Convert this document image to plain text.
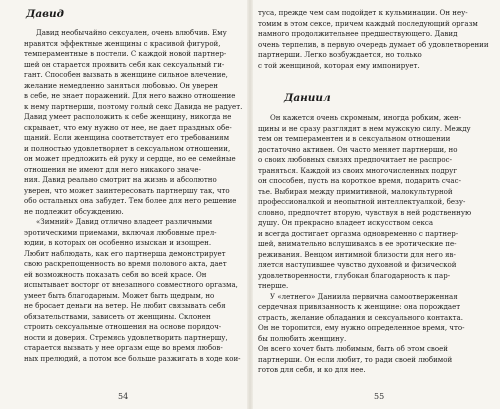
Давид

Давид необычайно сексуален, очень влюбчив. Ему
нравятся эффектные женщины с красивой фигурой,
темпераментные в постели. С каждой новой партнер-
шей он старается проявить себя как сексуальный ги-
гант. Способен вызвать в женщине сильное влечение,
желание немедленно заняться любовью. Он уверен
в себе, не знает поражений. Для него важно отношение
к нему партнерши, поэтому голый секс Давида не радует.
Давид умеет расположить к себе женщину, никогда не
скрывает, что ему нужно от нее, не дает праздных обе-
щаний. Если женщина соответствует его требованиям
и полностью удовлетворяет в сексуальном отношении,
он может предложить ей руку и сердце, но ее семейные
отношения не имеют для него никакого значе-
ния. Давид реально смотрит на жизнь и абсолютно
уверен, что может заинтересовать партнершу так, что
обо остальных она забудет. Тем более для него решение
не подлежит обсуждению.

«Зимний» Давид отлично владеет различными
эротическими приемами, включая любовные прел-
юдии, в которых он особенно изыскан и изощрен.
Любит наблюдать, как его партнерша демонстрирует
свою раскрепощенность во время полового акта, дает
ей возможность показать себя во всей красе. Он
испытывает восторг от внезапного совместного оргазма,
умеет быть благодарным. Может быть щедрым, но
не бросает деньги на ветер. Не любит связывать себя
обязательствами, зависеть от женщины. Склонен
строить сексуальные отношения на основе порядоч-
ности и доверия. Стремясь удовлетворить партнершу,
старается вызвать у нее оргазм еще во время любов-
ных прелюдий, а потом все больше разжигать в ходе кои-

54

туса, прежде чем сам подойдет к кульминации. Он неу-
томим в этом сексе, причем каждый последующий оргазм
намного продолжительнее предшествующего. Давид
очень терпелив, в первую очередь думает об удовлетворении
партнерши. Легко возбуждается, но только
с той женщиной, которая ему импонирует.

Даниил

Он кажется очень скромным, иногда робким, жен-
щины и не сразу разглядят в нем мужскую силу. Между
тем он темпераментен и в сексуальном отношении
достаточно активен. Он часто меняет партнерши, но
о своих любовных связях предпочитает не распрос-
траняться. Каждой из своих многочисленных подруг
он способен, пусть на короткое время, подарить счас-
тье. Выбирая между примитивной, малокультурной
профессионалкой и неопытной интеллектуалкой, безу-
словно, предпочтет вторую, чувствуя в ней родственную
душу. Он прекрасно владеет искусством секса
и всегда достигает оргазма одновременно с партнер-
шей, внимательно вслушиваясь в ее эротические пе-
реживания. Венцом интимной близости для него яв-
ляется наступившее чувство духовной и физической
удовлетворенности, глубокая благодарность к пар-
тнерше.

У «летнего» Даниила первична самоотверженная
сердечная привязанность к женщине: она порождает
страсть, желание обладания и сексуального контакта.
Он не торопится, ему нужно определенное время, что-
бы полюбить женщину.
Он всего хочет быть любимым, быть об этом своей
партнерши. Он если любит, то ради своей любимой
готов для себя, и ко для нее.

55
